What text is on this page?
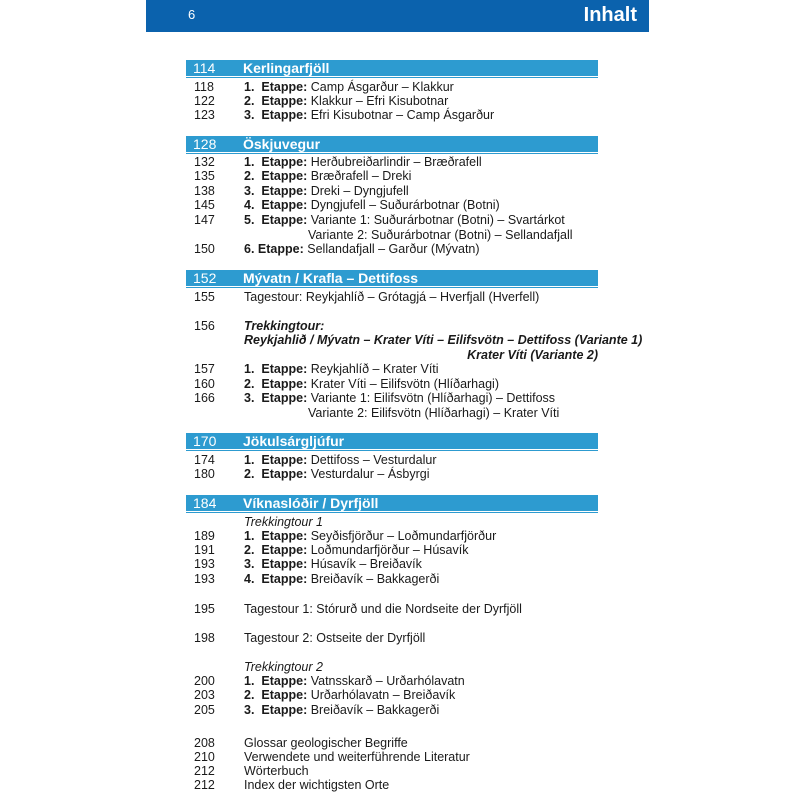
6	Inhalt
114 Kerlingarfjöll
118 1. Etappe: Camp Ásgarður – Klakkur
122 2. Etappe: Klakkur – Efri Kisubotnar
123 3. Etappe: Efri Kisubotnar – Camp Ásgarður
128 Öskjuvegur
132 1. Etappe: Herðubreiðarlindir – Bræðrafell
135 2. Etappe: Bræðrafell – Dreki
138 3. Etappe: Dreki – Dyngjufell
145 4. Etappe: Dyngjufell – Suðurárbotnar (Botni)
147 5. Etappe: Variante 1: Suðurárbotnar (Botni) – Svartárkot
Variante 2: Suðurárbotnar (Botni) – Sellandafjall
150 6. Etappe: Sellandafjall – Garður (Mývatn)
152 Mývatn / Krafla – Dettifoss
155 Tagestour: Reykjahlíð – Grótagjá – Hverfjall (Hverfell)
156 Trekkingtour:
Reykjahlið / Mývatn – Krater Víti – Eilifsvötn – Dettifoss (Variante 1)
Krater Víti (Variante 2)
157 1. Etappe: Reykjahlíð – Krater Víti
160 2. Etappe: Krater Víti – Eilifsvötn (Hlíðarhagi)
166 3. Etappe: Variante 1: Eilifsvötn (Hlíðarhagi) – Dettifoss
Variante 2: Eilifsvötn (Hlíðarhagi) – Krater Víti
170 Jökulsárgljúfur
174 1. Etappe: Dettifoss – Vesturdalur
180 2. Etappe: Vesturdalur – Ásbyrgi
184 Víknaslóðir / Dyrfjöll
Trekkingtour 1
189 1. Etappe: Seyðisfjörður – Loðmundarfjörður
191 2. Etappe: Loðmundarfjörður – Húsavík
193 3. Etappe: Húsavík – Breiðavík
193 4. Etappe: Breiðavík – Bakkagerði
195 Tagestour 1: Stórurð und die Nordseite der Dyrfjöll
198 Tagestour 2: Ostseite der Dyrfjöll
Trekkingtour 2
200 1. Etappe: Vatnsskarð – Urðarhólavatn
203 2. Etappe: Urðarhólavatn – Breiðavík
205 3. Etappe: Breiðavík – Bakkagerði
208 Glossar geologischer Begriffe
210 Verwendete und weiterführende Literatur
212 Wörterbuch
212 Index der wichtigsten Orte
